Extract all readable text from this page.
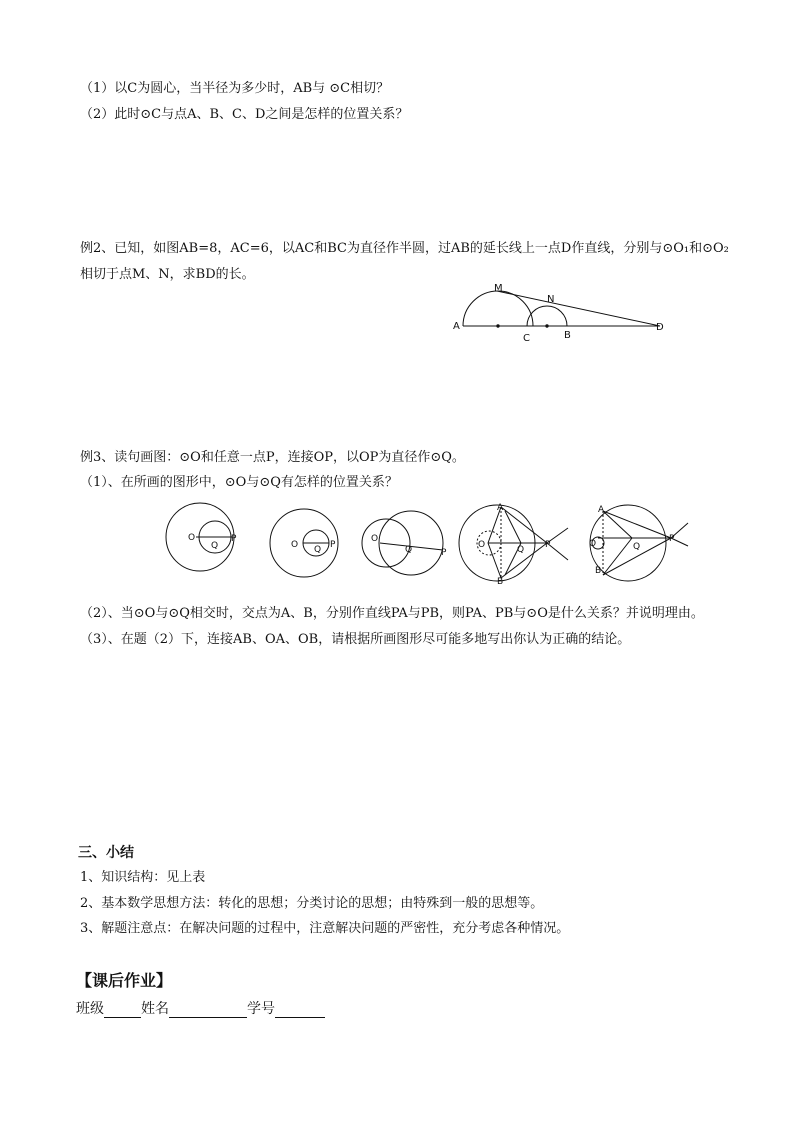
（1）以C为圆心，当半径为多少时，AB与 ⊙C相切？
（2）此时⊙C与点A、B、C、D之间是怎样的位置关系？
例2、已知，如图AB=8，AC=6，以AC和BC为直径作半圆，过AB的延长线上一点D作直线，分别与⊙O₁和⊙O₂
相切于点M、N，求BD的长。
例3、读句画图：⊙O和任意一点P，连接OP，以OP为直径作⊙Q。
（1）、在所画的图形中，⊙O与⊙Q有怎样的位置关系？
（2）、当⊙O与⊙Q相交时，交点为A、B，分别作直线PA与PB，则PA、PB与⊙O是什么关系？并说明理由。
（3）、在题（2）下，连接AB、OA、OB，请根据所画图形尽可能多地写出你认为正确的结论。
三、小结
1、知识结构：见上表
2、基本数学思想方法：转化的思想；分类讨论的思想；由特殊到一般的思想等。
3、解题注意点：在解决问题的过程中，注意解决问题的严密性，充分考虑各种情况。
【课后作业】
班级	姓名	学号
A
M
N
C	B
D
O
Q
P
O Q P
O
Q	P
A
O	Q P
B
A
O	Q
P
B
